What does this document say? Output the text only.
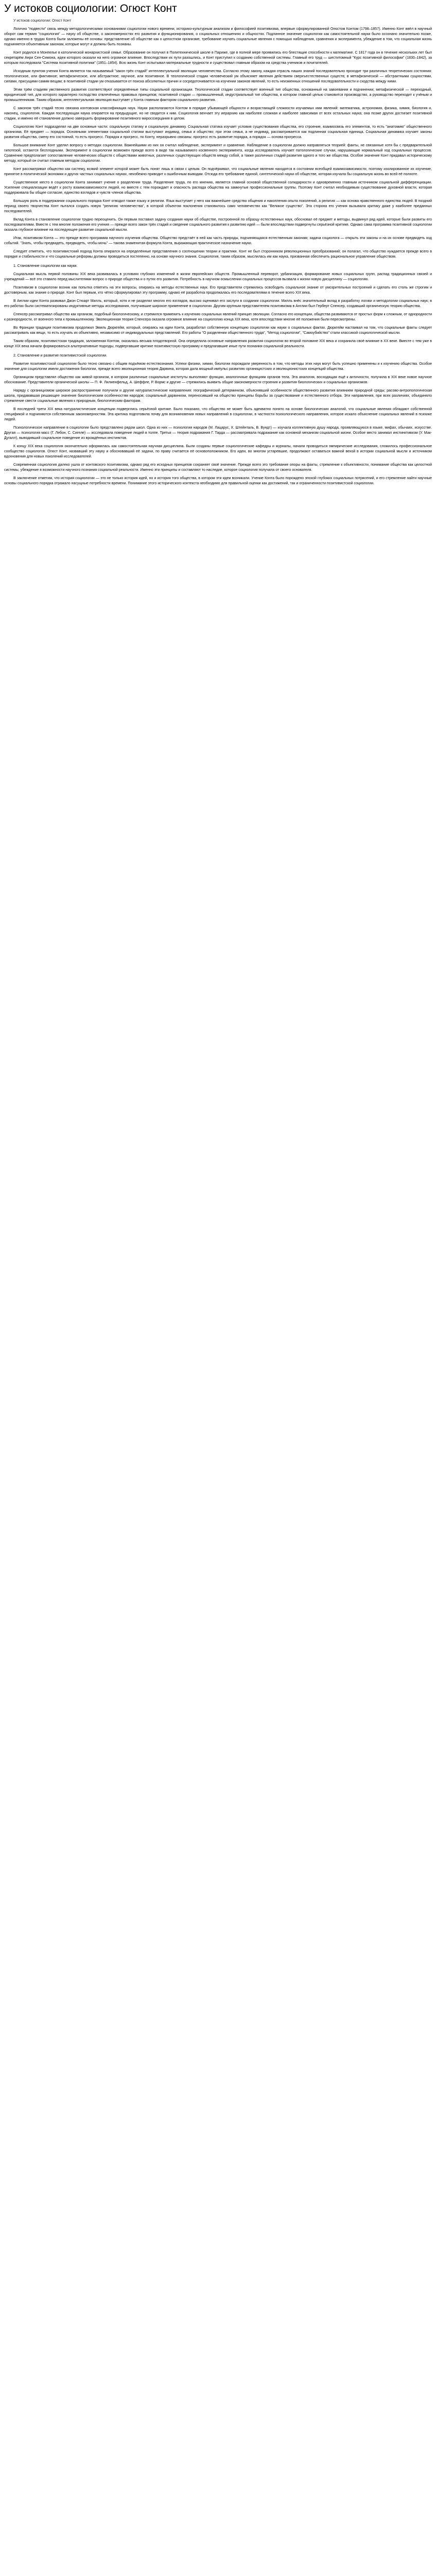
У истоков социологии: Огюст Конт
У истоков социологии: Огюст Конт

Логично "подвести" связь между методологическими основаниями социологии нового времени, историко-культурным анализом и философией позитивизма, впервые сформулированной Огюстом Контом (1798–1857). Именно Конт ввёл в научный оборот сам термин "социология" — науку об обществе, о закономерностях его развития и функционирования, о социальных отношениях и общностях. Подлинное значение социологии как самостоятельной науки было осознано значительно позже, однако именно в трудах Конта были заложены её основы: представление об обществе как о целостном организме, требование изучать социальные явления с помощью наблюдения, сравнения и эксперимента, убеждение в том, что социальная жизнь подчиняется объективным законам, которые могут и должны быть познаны.

Конт родился в Монпелье в католической монархистской семье. Образование он получил в Политехнической школе в Париже, где в полной мере проявились его блестящие способности к математике. С 1817 года он в течение нескольких лет был секретарём Анри Сен-Симона, идеи которого оказали на него огромное влияние. Впоследствии их пути разошлись, и Конт приступил к созданию собственной системы. Главный его труд — шеститомный "Курс позитивной философии" (1830–1842), за которым последовала "Система позитивной политики" (1851–1854). Всю жизнь Конт испытывал материальные трудности и существовал главным образом на средства учеников и почитателей.

Исходным пунктом учения Конта является так называемый "закон трёх стадий" интеллектуальной эволюции человечества. Согласно этому закону, каждая отрасль наших знаний последовательно проходит три различных теоретических состояния: теологическое, или фиктивное; метафизическое, или абстрактное; научное, или позитивное. В теологической стадии человеческий ум объясняет явления действием сверхъестественных существ; в метафизической — абстрактными сущностями, силами, присущими самим вещам; в позитивной стадии ум отказывается от поиска абсолютных причин и сосредоточивается на изучении законов явлений, то есть неизменных отношений последовательности и сходства между ними.

Этим трём стадиям умственного развития соответствуют определённые типы социальной организации. Теологической стадии соответствует военный тип общества, основанный на завоевании и подчинении; метафизической — переходный, юридический тип, для которого характерно господство отвлечённых правовых принципов; позитивной стадии — промышленный, индустриальный тип общества, в котором главной целью становится производство, а руководство переходит к учёным и промышленникам. Таким образом, интеллектуальная эволюция выступает у Конта главным фактором социального развития.

С законом трёх стадий тесно связана контовская классификация наук. Науки располагаются Контом в порядке убывающей общности и возрастающей сложности изучаемых ими явлений: математика, астрономия, физика, химия, биология и, наконец, социология. Каждая последующая наука опирается на предыдущие, но не сводится к ним. Социология венчает эту иерархию как наиболее сложная и наиболее зависимая от всех остальных наука; она позже других достигает позитивной стадии, и именно её становление должно завершить формирование позитивного миросозерцания в целом.

Социологию Конт подразделял на две основные части: социальную статику и социальную динамику. Социальная статика изучает условия существования общества, его строение, взаимосвязь его элементов, то есть "анатомию" общественного организма. Её предмет — порядок. Основными элементами социальной статики выступают индивид, семья и общество; при этом семья, а не индивид, рассматривается как подлинная социальная единица. Социальная динамика изучает законы развития общества, смену его состояний, то есть прогресс. Порядок и прогресс, по Конту, неразрывно связаны: прогресс есть развитие порядка, а порядок — основа прогресса.

Большое внимание Конт уделял вопросу о методах социологии. Важнейшими из них он считал наблюдение, эксперимент и сравнение. Наблюдение в социологии должно направляться теорией: факты, не связанные хотя бы с предварительной гипотезой, остаются бесплодными. Эксперимент в социологии возможен прежде всего в виде так называемого косвенного эксперимента, когда исследователь изучает патологические случаи, нарушающие нормальный ход социальных процессов. Сравнение предполагает сопоставление человеческих обществ с обществами животных, различных существующих обществ между собой, а также различных стадий развития одного и того же общества. Особое значение Конт придавал историческому методу, который он считал главным методом социологии.

Конт рассматривал общество как систему, всякий элемент которой может быть понят лишь в связи с целым. Он подчёркивал, что социальные явления находятся в состоянии всеобщей взаимозависимости, поэтому изолированное их изучение, принятое в политической экономии и других частных социальных науках, неизбежно приводит к ошибочным выводам. Отсюда его требование единой, синтетической науки об обществе, которая изучала бы социальную жизнь во всей её полноте.

Существенное место в социологии Конта занимает учение о разделении труда. Разделение труда, по его мнению, является главной основой общественной солидарности и одновременно главным источником социальной дифференциации. Усиление специализации ведёт к росту взаимозависимости людей, но вместе с тем порождает и опасность распада общества на замкнутые профессиональные группы. Поэтому Конт считал необходимым существование духовной власти, которая поддерживала бы общее согласие, единство взглядов и чувств членов общества.

Большую роль в поддержании социального порядка Конт отводил также языку и религии. Язык выступает у него как важнейшее средство общения и накопления опыта поколений, а религия — как основа нравственного единства людей. В поздний период своего творчества Конт пытался создать новую "религию человечества", в которой объектом поклонения становилось само человечество как "Великое существо". Эта сторона его учения вызывала критику даже у наиболее преданных последователей.

Вклад Конта в становление социологии трудно переоценить. Он первым поставил задачу создания науки об обществе, построенной по образцу естественных наук, обосновал её предмет и методы, выдвинул ряд идей, которые были развиты его последователями. Вместе с тем многие положения его учения — прежде всего закон трёх стадий и сведение социального развития к развитию идей — были впоследствии подвергнуты серьёзной критике. Однако сама программа позитивной социологии оказала глубокое влияние на последующее развитие социальной мысли.

Итак, позитивизм Конта — это прежде всего программа научного изучения общества. Общество предстаёт в ней как часть природы, подчиняющаяся естественным законам; задача социолога — открыть эти законы и на их основе предвидеть ход событий. "Знать, чтобы предвидеть, предвидеть, чтобы мочь" — такова знаменитая формула Конта, выражающая практическое назначение науки.

Следует отметить, что позитивистский подход Конта опирался на определённые представления о соотношении теории и практики. Конт не был сторонником революционных преобразований; он полагал, что общество нуждается прежде всего в порядке и стабильности и что социальные реформы должны проводиться постепенно, на основе научного знания. Социология, таким образом, мыслилась им как наука, призванная обеспечить рациональное управление обществом.

1. Становление социологии как науки.

Социальная мысль первой половины XIX века развивалась в условиях глубоких изменений в жизни европейских обществ. Промышленный переворот, урбанизация, формирование новых социальных групп, распад традиционных связей и учреждений — всё это ставило перед мыслителями вопрос о природе общества и о путях его развития. Потребность в научном осмыслении социальных процессов вызвала к жизни новую дисциплину — социологию.

Позитивизм в социологии возник как попытка ответить на эти вопросы, опираясь на методы естественных наук. Его представители стремились освободить социальное знание от умозрительных построений и сделать его столь же строгим и достоверным, как знание о природе. Конт был первым, кто чётко сформулировал эту программу, однако её разработка продолжалась его последователями в течение всего XIX века.

В Англии идеи Конта развивал Джон Стюарт Милль, который, хотя и не разделял многих его взглядов, высоко оценивал его заслуги в создании социологии. Милль внёс значительный вклад в разработку логики и методологии социальных наук; в его работах были систематизированы индуктивные методы исследования, получившие широкое применение в социологии. Другим крупным представителем позитивизма в Англии был Герберт Спенсер, создавший органическую теорию общества.

Спенсер рассматривал общество как организм, подобный биологическому, и стремился применить к изучению социальных явлений принцип эволюции. Согласно его концепции, общества развиваются от простых форм к сложным, от однородности к разнородности, от военного типа к промышленному. Эволюционная теория Спенсера оказала огромное влияние на социологию конца XIX века, хотя впоследствии многие её положения были пересмотрены.

Во Франции традиции позитивизма продолжил Эмиль Дюркгейм, который, опираясь на идеи Конта, разработал собственную концепцию социологии как науки о социальных фактах. Дюркгейм настаивал на том, что социальные факты следует рассматривать как вещи, то есть изучать их объективно, независимо от индивидуальных представлений. Его работы "О разделении общественного труда", "Метод социологии", "Самоубийство" стали классикой социологической мысли.

Таким образом, позитивистская традиция, заложенная Контом, оказалась весьма плодотворной. Она определила основные направления развития социологии во второй половине XIX века и сохранила своё влияние в XX веке. Вместе с тем уже в конце XIX века начали формироваться альтернативные подходы, подвергавшие критике позитивистскую программу и предлагавшие иные пути познания социальной реальности.

2. Становление и развитие позитивистской социологии.

Развитие позитивистской социологии было тесно связано с общим подъёмом естествознания. Успехи физики, химии, биологии порождали уверенность в том, что методы этих наук могут быть успешно применены и к изучению общества. Особое значение для социологии имели достижения биологии, прежде всего эволюционная теория Дарвина, которая дала мощный импульс развитию органицистских и эволюционистских концепций общества.

Органицизм представлял общество как живой организм, в котором различные социальные институты выполняют функции, аналогичные функциям органов тела. Эта аналогия, восходящая ещё к античности, получила в XIX веке новое научное обоснование. Представители органической школы — П. Ф. Лилиенфельд, А. Шеффле, Р. Вормс и другие — стремились выявить общие закономерности строения и развития биологических и социальных организмов.

Наряду с органицизмом широкое распространение получили и другие натуралистические направления: географический детерминизм, объяснявший особенности общественного развития влиянием природной среды; расово-антропологическая школа, придававшая решающее значение биологическим особенностям народов; социальный дарвинизм, переносивший на общество принципы борьбы за существование и естественного отбора. Эти направления, при всех различиях, объединяло стремление свести социальные явления к природным, биологическим факторам.

В последней трети XIX века натуралистические концепции подверглись серьёзной критике. Было показано, что общество не может быть адекватно понято на основе биологических аналогий, что социальные явления обладают собственной спецификой и подчиняются собственным закономерностям. Эта критика подготовила почву для возникновения новых направлений в социологии, в частности психологического направления, которое искало объяснение социальных явлений в психике людей.

Психологическое направление в социологии было представлено рядом школ. Одна из них — психология народов (М. Лацарус, Х. Штейнталь, В. Вундт) — изучала коллективную душу народа, проявляющуюся в языке, мифах, обычаях, искусстве. Другая — психология масс (Г. Лебон, С. Сигеле) — исследовала поведение людей в толпе. Третья — теория подражания Г. Тарда — рассматривала подражание как основной механизм социальной жизни. Особое место занимал инстинктивизм (У. Мак-Дугалл), выводивший социальное поведение из врождённых инстинктов.

К концу XIX века социология окончательно оформилась как самостоятельная научная дисциплина. Были созданы первые социологические кафедры и журналы, начали проводиться эмпирические исследования, сложилось профессиональное сообщество социологов. Огюст Конт, назвавший эту науку и обосновавший её задачи, по праву считается её основоположником. Его идеи, во многом устаревшие, продолжают оставаться важной вехой в истории социальной мысли и источником вдохновения для новых поколений исследователей.

Современная социология далеко ушла от контовского позитивизма, однако ряд его исходных принципов сохраняет своё значение. Прежде всего это требование опоры на факты, стремление к объективности, понимание общества как целостной системы, убеждение в возможности научного познания социальной реальности. Именно эти принципы и составляют то наследие, которое социология получила от своего основателя.

В заключение отметим, что история социологии — это не только история идей, но и история того общества, в котором эти идеи возникали. Учение Конта было порождено эпохой глубоких социальных потрясений, и его стремление найти научные основы социального порядка отражало насущные потребности времени. Понимание этого исторического контекста необходимо для правильной оценки как достижений, так и ограниченности позитивистской социологии.
